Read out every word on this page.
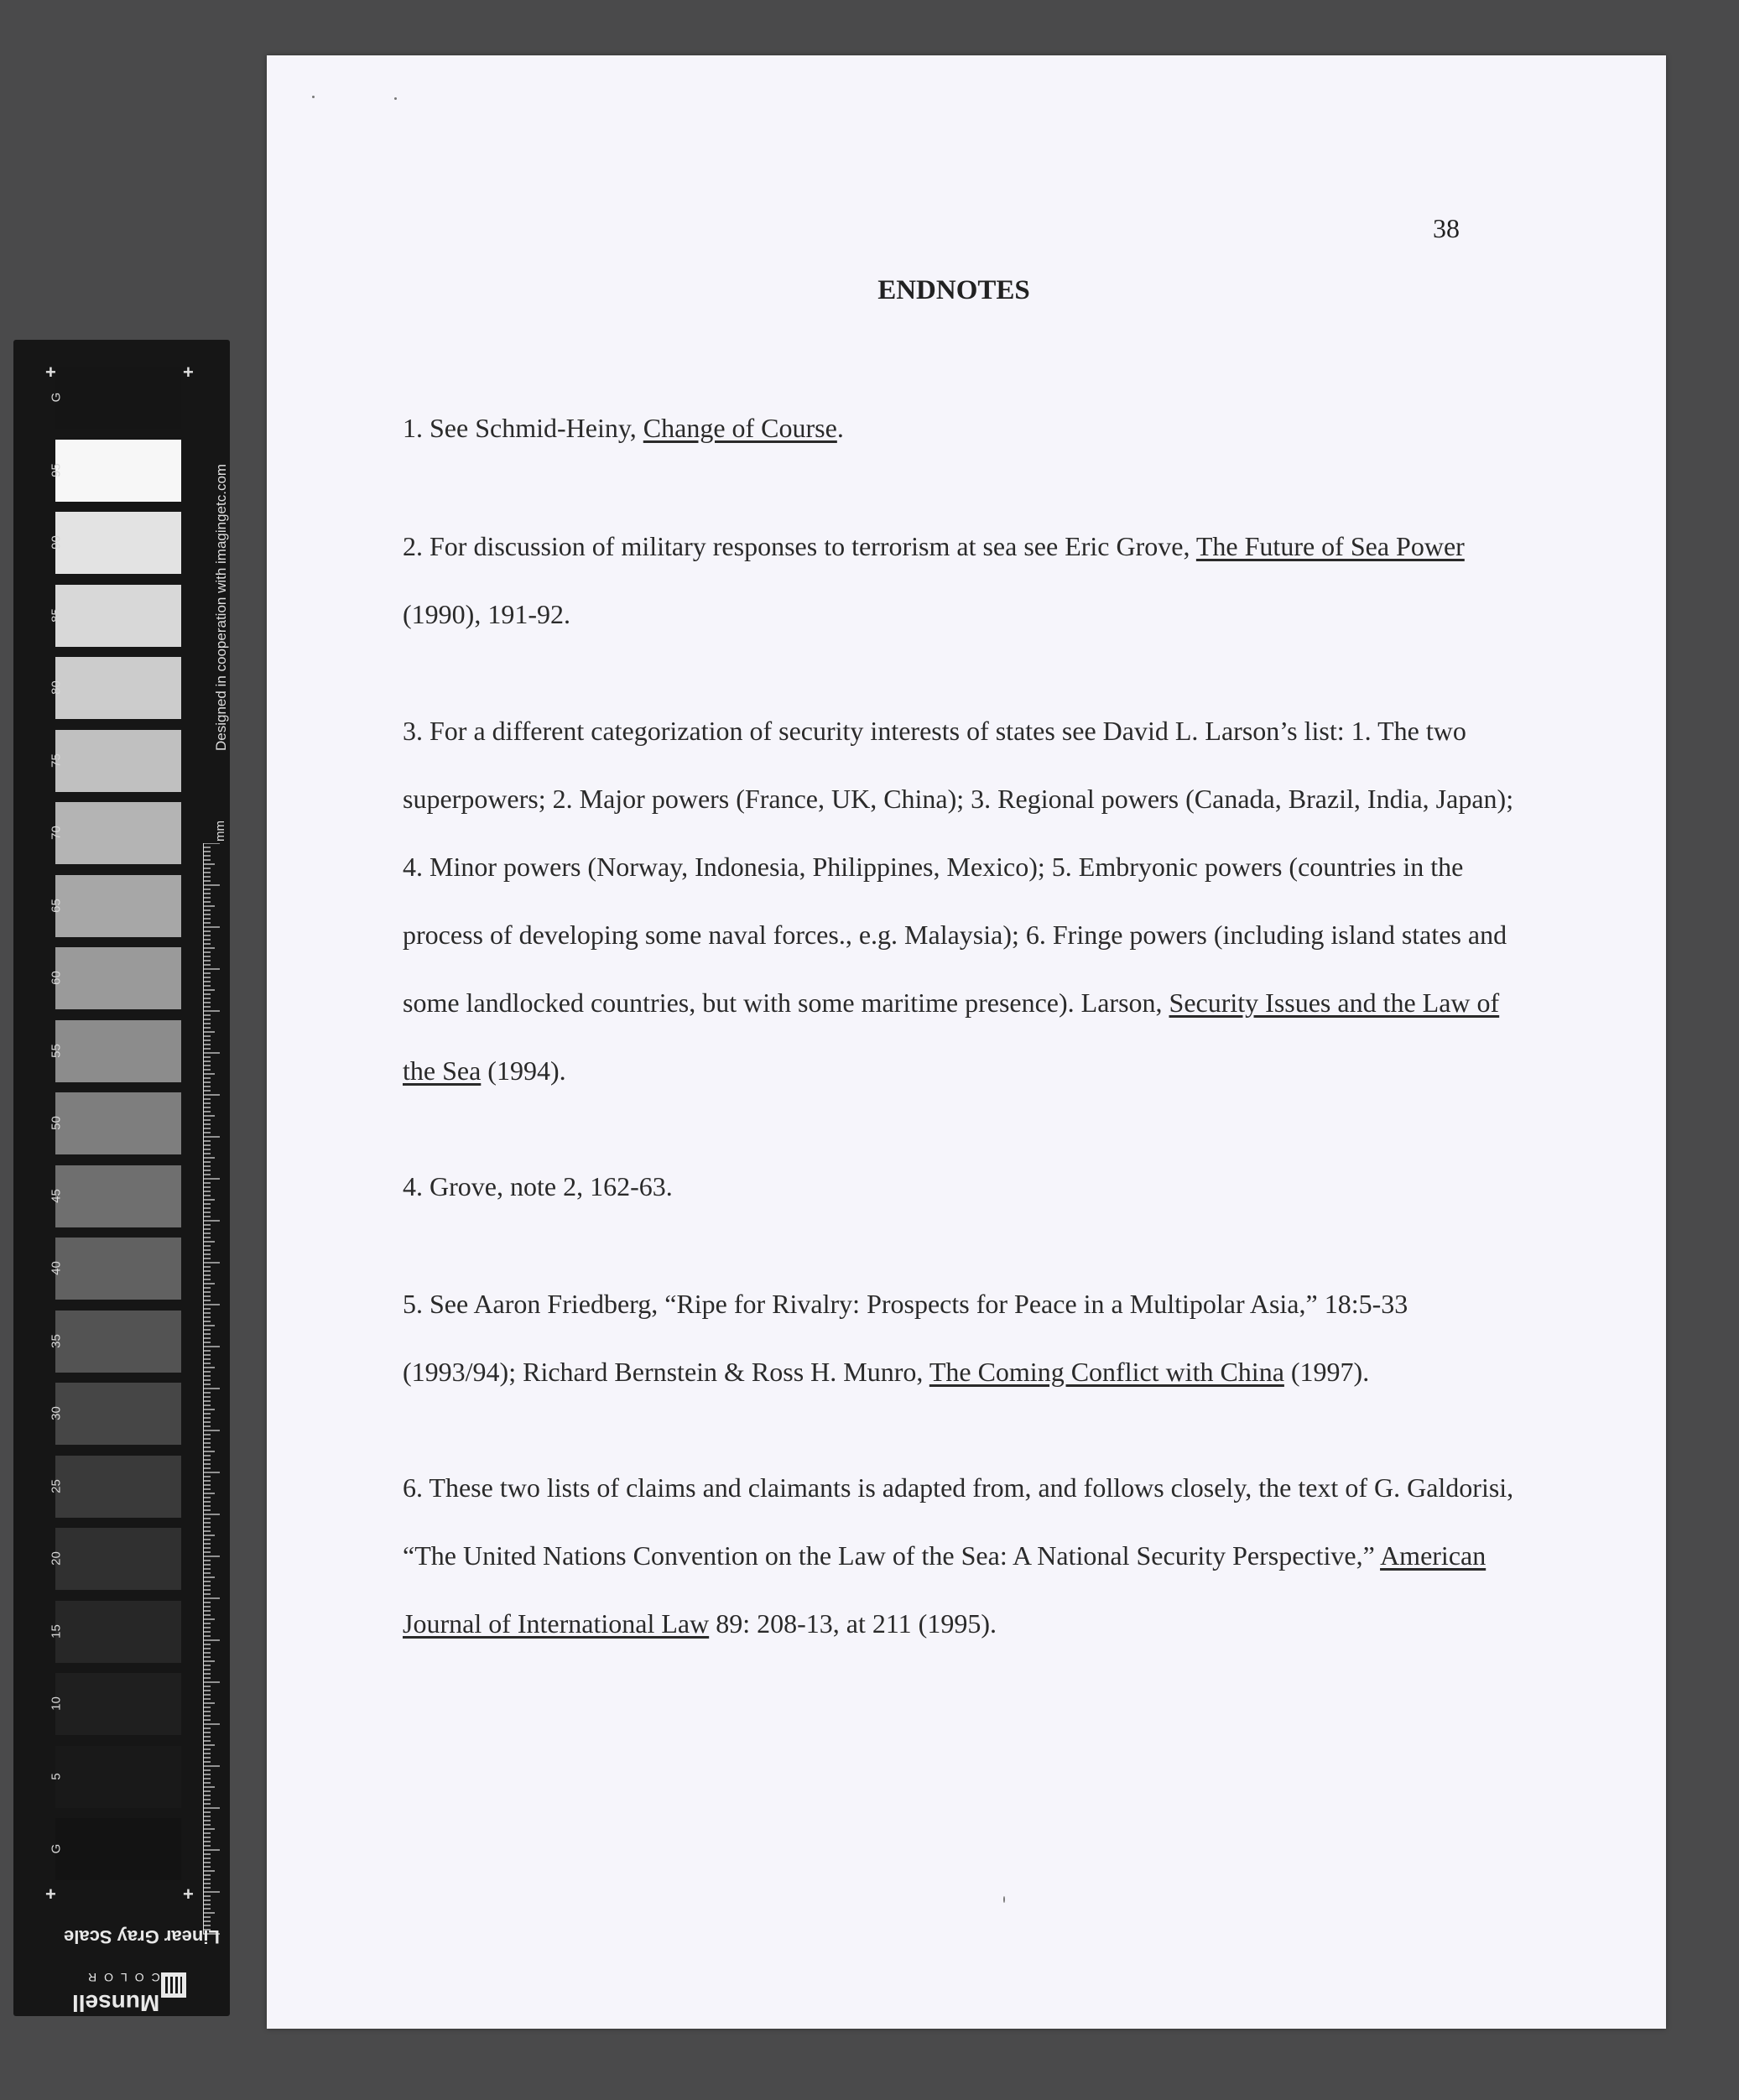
G
95
90
85
80
75
70
65
60
55
50
45
40
35
30
25
20
15
10
5
G
+	+
+	+
Designed in cooperation with imagingetc.com
mm
Linear Gray Scale
COLOR
Munsell
38
ENDNOTES
1. See Schmid-Heiny, Change of Course.
2. For discussion of military responses to terrorism at sea see Eric Grove, The Future of Sea Power (1990), 191-92.
3. For a different categorization of security interests of states see David L. Larson’s list: 1. The two superpowers; 2. Major powers (France, UK, China); 3. Regional powers (Canada, Brazil, India, Japan); 4. Minor powers (Norway, Indonesia, Philippines, Mexico); 5. Embryonic powers (countries in the process of developing some naval forces., e.g. Malaysia); 6. Fringe powers (including island states and some landlocked countries, but with some maritime presence). Larson, Security Issues and the Law of the Sea (1994).
4. Grove, note 2, 162-63.
5. See Aaron Friedberg, “Ripe for Rivalry: Prospects for Peace in a Multipolar Asia,” 18:5-33 (1993/94); Richard Bernstein & Ross H. Munro, The Coming Conflict with China (1997).
6. These two lists of claims and claimants is adapted from, and follows closely, the text of G. Galdorisi, “The United Nations Convention on the Law of the Sea: A National Security Perspective,” American Journal of International Law 89: 208-13, at 211 (1995).
